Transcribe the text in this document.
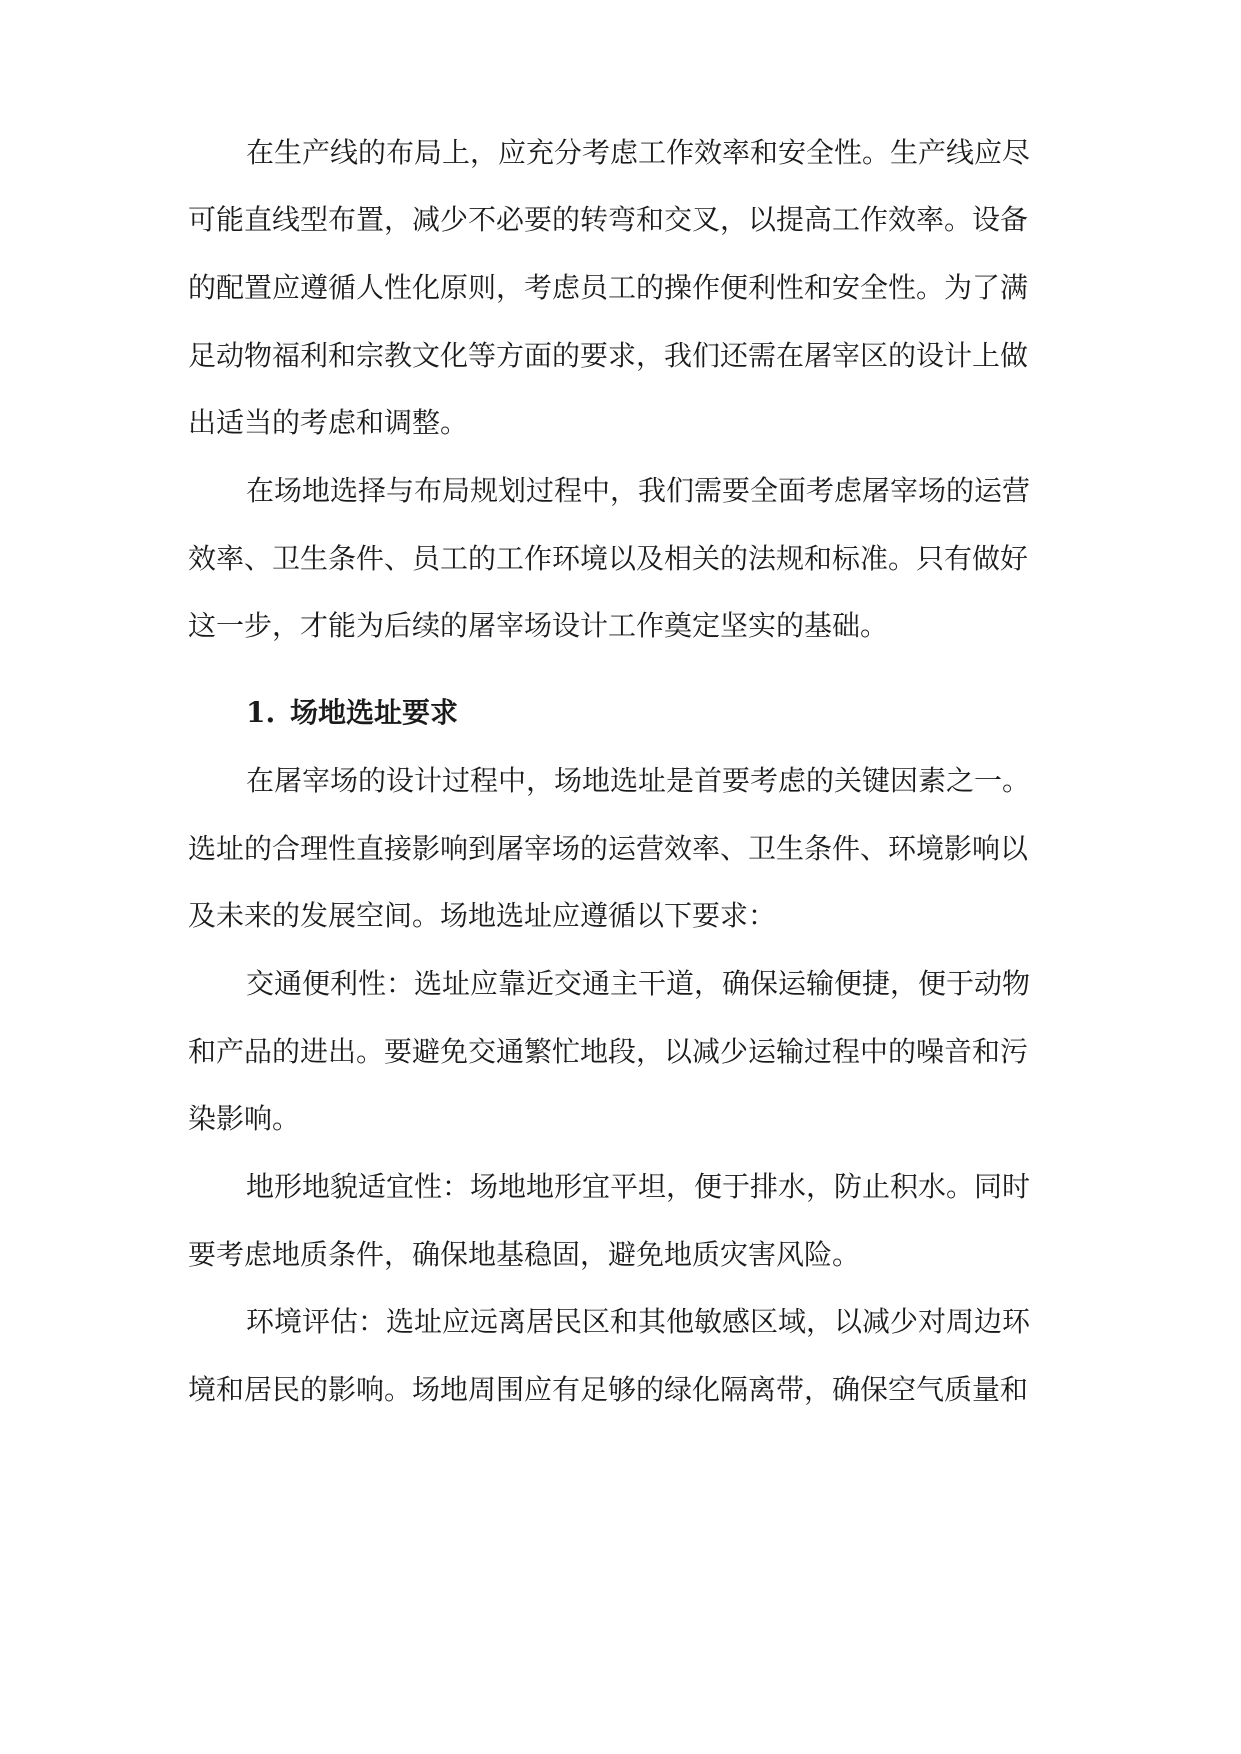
在生产线的布局上，应充分考虑工作效率和安全性。生产线应尽
可能直线型布置，减少不必要的转弯和交叉，以提高工作效率。设备
的配置应遵循人性化原则，考虑员工的操作便利性和安全性。为了满
足动物福利和宗教文化等方面的要求，我们还需在屠宰区的设计上做
出适当的考虑和调整。
在场地选择与布局规划过程中，我们需要全面考虑屠宰场的运营
效率、卫生条件、员工的工作环境以及相关的法规和标准。只有做好
这一步，才能为后续的屠宰场设计工作奠定坚实的基础。
1. 场地选址要求
在屠宰场的设计过程中，场地选址是首要考虑的关键因素之一。
选址的合理性直接影响到屠宰场的运营效率、卫生条件、环境影响以
及未来的发展空间。场地选址应遵循以下要求：
交通便利性：选址应靠近交通主干道，确保运输便捷，便于动物
和产品的进出。要避免交通繁忙地段，以减少运输过程中的噪音和污
染影响。
地形地貌适宜性：场地地形宜平坦，便于排水，防止积水。同时
要考虑地质条件，确保地基稳固，避免地质灾害风险。
环境评估：选址应远离居民区和其他敏感区域，以减少对周边环
境和居民的影响。场地周围应有足够的绿化隔离带，确保空气质量和
